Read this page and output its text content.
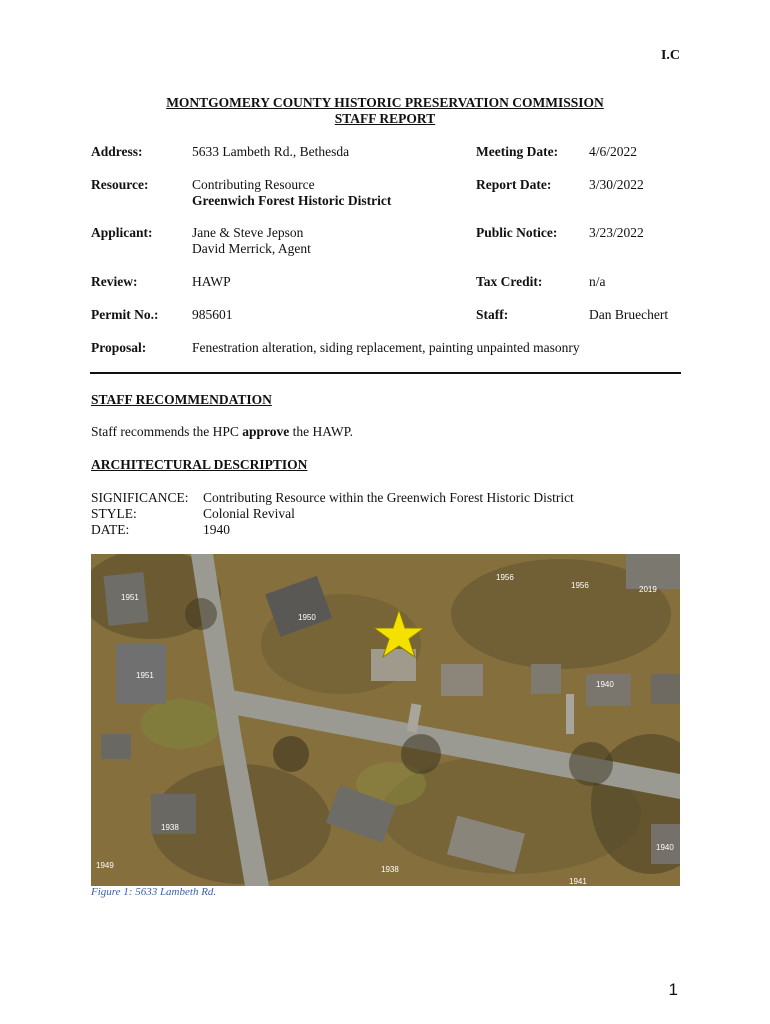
I.C
MONTGOMERY COUNTY HISTORIC PRESERVATION COMMISSION
STAFF REPORT
Address:	5633 Lambeth Rd., Bethesda	Meeting Date: 4/6/2022
Resource:	Contributing Resource
Greenwich Forest Historic District
Report Date:	3/30/2022
Applicant:	Jane & Steve Jepson
David Merrick, Agent
Public Notice: 3/23/2022
Review:	HAWP	Tax Credit:	n/a
Permit No.: 985601	Staff:	Dan Bruechert
Proposal:	Fenestration alteration, siding replacement, painting unpainted masonry
STAFF RECOMMENDATION
Staff recommends the HPC approve the HAWP.
ARCHITECTURAL DESCRIPTION
SIGNIFICANCE: Contributing Resource within the Greenwich Forest Historic District
STYLE:	Colonial Revival
DATE:	1940
1951
1950
1951
1940
1938
1938
1949
1956
1956	2019
1940
1941
Figure 1: 5633 Lambeth Rd.
1
